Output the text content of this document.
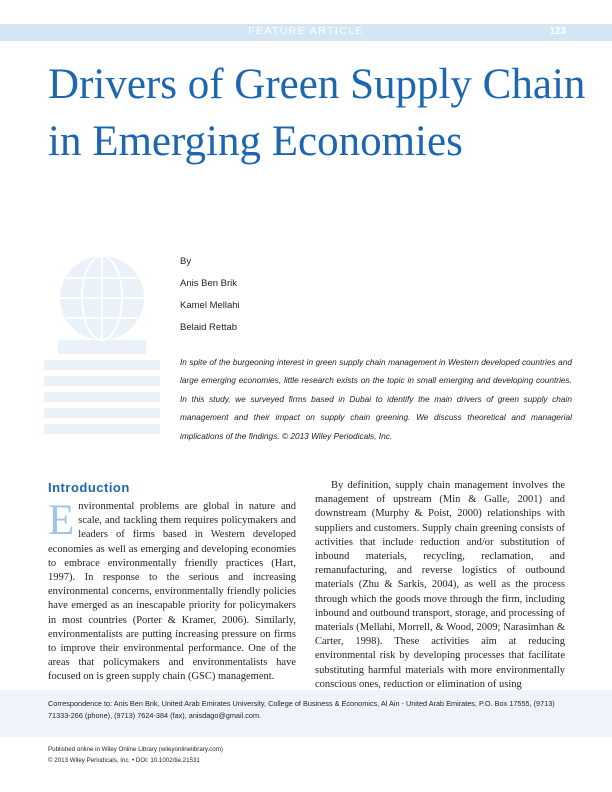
FEATURE ARTICLE	123
Drivers of Green Supply Chain in Emerging Economies
By
Anis Ben Brik
Kamel Mellahi
Belaid Rettab

In spite of the burgeoning interest in green supply chain management in Western developed countries and large emerging economies, little research exists on the topic in small emerging and developing countries. In this study, we surveyed firms based in Dubai to identify the main drivers of green supply chain management and their impact on supply chain greening. We discuss theoretical and managerial implications of the findings. © 2013 Wiley Periodicals, Inc.

Introduction

Environmental problems are global in nature and scale, and tackling them requires policymakers and leaders of firms based in Western developed economies as well as emerging and developing economies to embrace environmentally friendly practices (Hart, 1997). In response to the serious and increasing environmental concerns, environmentally friendly policies have emerged as an inescapable priority for policymakers in most countries (Porter & Kramer, 2006). Similarly, environmentalists are putting increasing pressure on firms to improve their environmental performance. One of the areas that policymakers and environmentalists have focused on is green supply chain (GSC) management.

By definition, supply chain management involves the management of upstream (Min & Galle, 2001) and downstream (Murphy & Poist, 2000) relationships with suppliers and customers. Supply chain greening consists of activities that include reduction and/or substitution of inbound materials, recycling, reclamation, and remanufacturing, and reverse logistics of outbound materials (Zhu & Sarkis, 2004), as well as the process through which the goods move through the firm, including inbound and outbound transport, storage, and processing of materials (Mellahi, Morrell, & Wood, 2009; Narasimhan & Carter, 1998). These activities aim at reducing environmental risk by developing processes that facilitate substituting harmful materials with more environmentally conscious ones, reduction or elimination of using

Correspondence to: Anis Ben Brik, United Arab Emirates University, College of Business & Economics, Al Ain - United Arab Emirates, P.O. Box 17555, (9713) 71333-266 (phone), (9713) 7624-384 (fax), anisdago@gmail.com.

Published online in Wiley Online Library (wileyonlinelibrary.com)
© 2013 Wiley Periodicals, Inc. • DOI: 10.1002/tie.21531
